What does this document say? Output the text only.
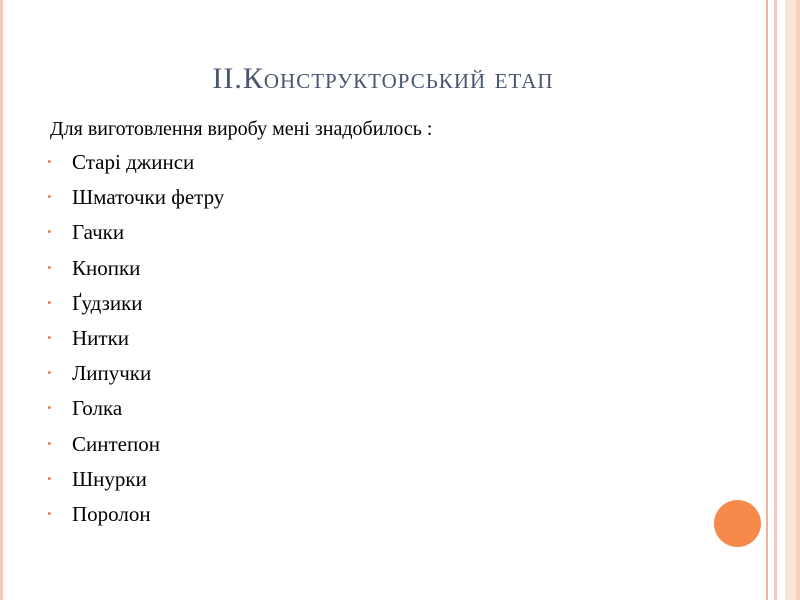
ІІ.Конструкторський етап
Для виготовлення виробу мені знадобилось :
• Старі джинси
• Шматочки фетру
• Гачки
• Кнопки
• Ґудзики
• Нитки
• Липучки
• Голка
• Синтепон
• Шнурки
• Поролон
